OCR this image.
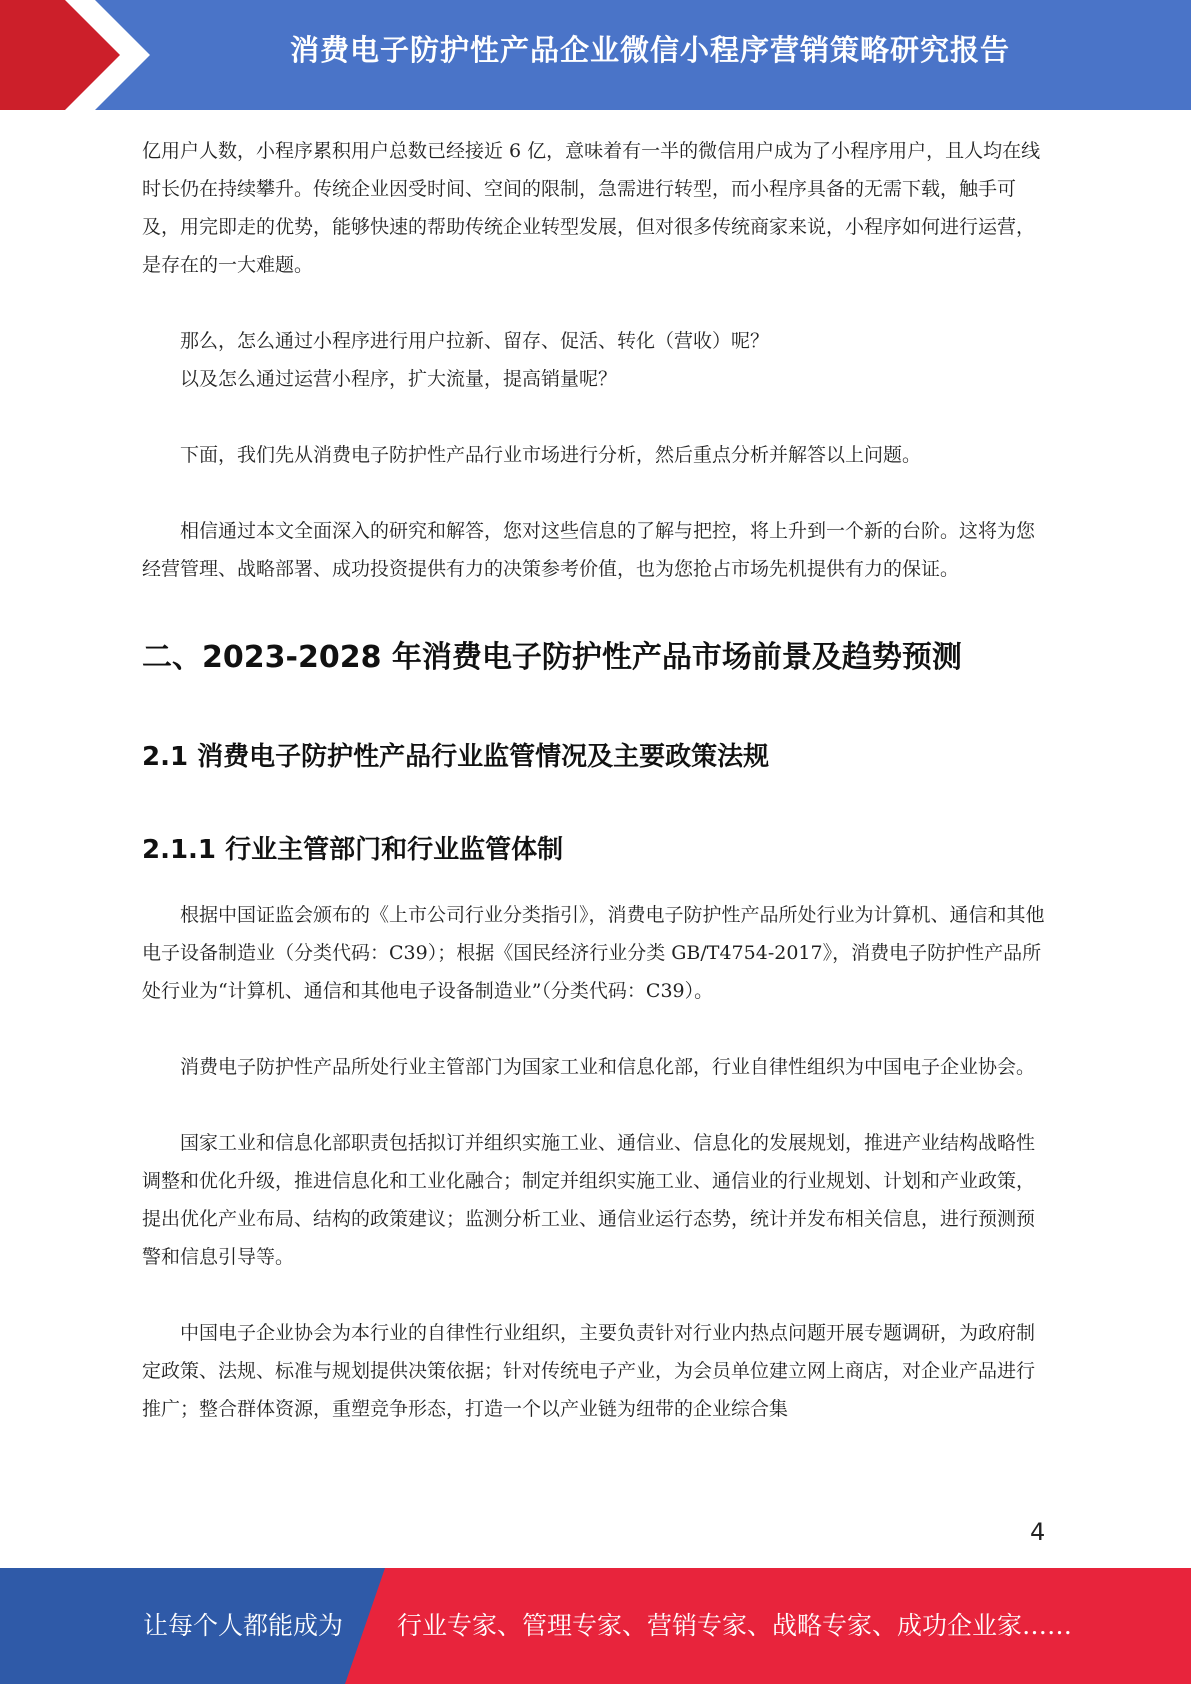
消费电子防护性产品企业微信小程序营销策略研究报告

亿用户人数，小程序累积用户总数已经接近 6 亿，意味着有一半的微信用户成为了小程序用户，且人均在线时长仍在持续攀升。传统企业因受时间、空间的限制，急需进行转型，而小程序具备的无需下载，触手可及，用完即走的优势，能够快速的帮助传统企业转型发展，但对很多传统商家来说，小程序如何进行运营，是存在的一大难题。

那么，怎么通过小程序进行用户拉新、留存、促活、转化（营收）呢？

以及怎么通过运营小程序，扩大流量，提高销量呢？

下面，我们先从消费电子防护性产品行业市场进行分析，然后重点分析并解答以上问题。

相信通过本文全面深入的研究和解答，您对这些信息的了解与把控，将上升到一个新的台阶。这将为您经营管理、战略部署、成功投资提供有力的决策参考价值，也为您抢占市场先机提供有力的保证。

二、2023-2028 年消费电子防护性产品市场前景及趋势预测
2.1 消费电子防护性产品行业监管情况及主要政策法规
2.1.1 行业主管部门和行业监管体制

根据中国证监会颁布的《上市公司行业分类指引》，消费电子防护性产品所处行业为计算机、通信和其他电子设备制造业（分类代码：C39）；根据《国民经济行业分类 GB/T4754-2017》，消费电子防护性产品所处行业为“计算机、通信和其他电子设备制造业”（分类代码：C39）。

消费电子防护性产品所处行业主管部门为国家工业和信息化部，行业自律性组织为中国电子企业协会。

国家工业和信息化部职责包括拟订并组织实施工业、通信业、信息化的发展规划，推进产业结构战略性调整和优化升级，推进信息化和工业化融合；制定并组织实施工业、通信业的行业规划、计划和产业政策，提出优化产业布局、结构的政策建议；监测分析工业、通信业运行态势，统计并发布相关信息，进行预测预警和信息引导等。

中国电子企业协会为本行业的自律性行业组织，主要负责针对行业内热点问题开展专题调研，为政府制定政策、法规、标准与规划提供决策依据；针对传统电子产业，为会员单位建立网上商店，对企业产品进行推广；整合群体资源，重塑竞争形态，打造一个以产业链为纽带的企业综合集

4
让每个人都能成为 行业专家、管理专家、营销专家、战略专家、成功企业家……
